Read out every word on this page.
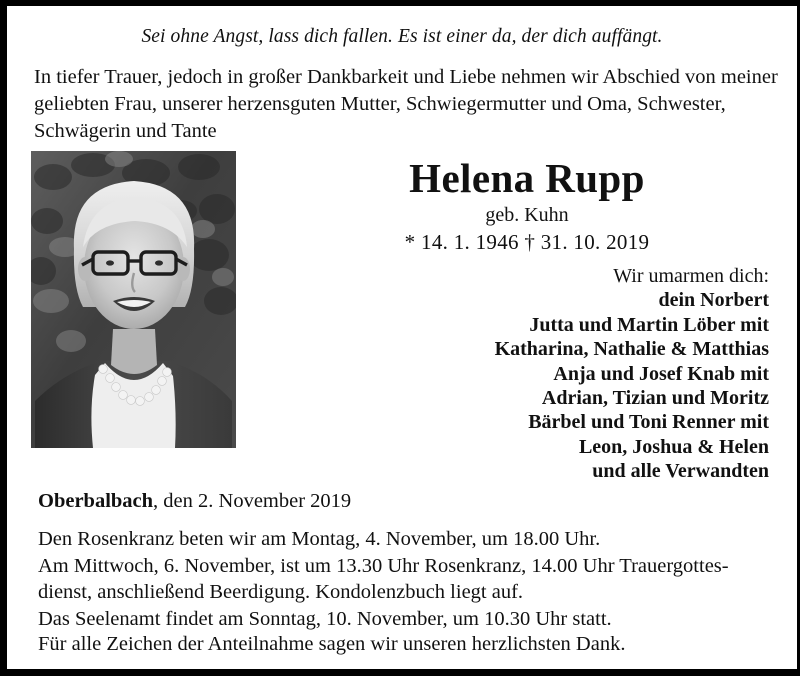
Sei ohne Angst, lass dich fallen. Es ist einer da, der dich auffängt.
In tiefer Trauer, jedoch in großer Dankbarkeit und Liebe nehmen wir Abschied von meiner geliebten Frau, unserer herzensguten Mutter, Schwiegermutter und Oma, Schwester, Schwägerin und Tante
Helena Rupp
geb. Kuhn
* 14. 1. 1946 † 31. 10. 2019
Wir umarmen dich:
dein Norbert
Jutta und Martin Löber mit
Katharina, Nathalie & Matthias
Anja und Josef Knab mit
Adrian, Tizian und Moritz
Bärbel und Toni Renner mit
Leon, Joshua & Helen
und alle Verwandten
Oberbalbach, den 2. November 2019
Den Rosenkranz beten wir am Montag, 4. November, um 18.00 Uhr.
Am Mittwoch, 6. November, ist um 13.30 Uhr Rosenkranz, 14.00 Uhr Trauergottes-dienst, anschließend Beerdigung. Kondolenzbuch liegt auf.
Das Seelenamt findet am Sonntag, 10. November, um 10.30 Uhr statt.
Für alle Zeichen der Anteilnahme sagen wir unseren herzlichsten Dank.
